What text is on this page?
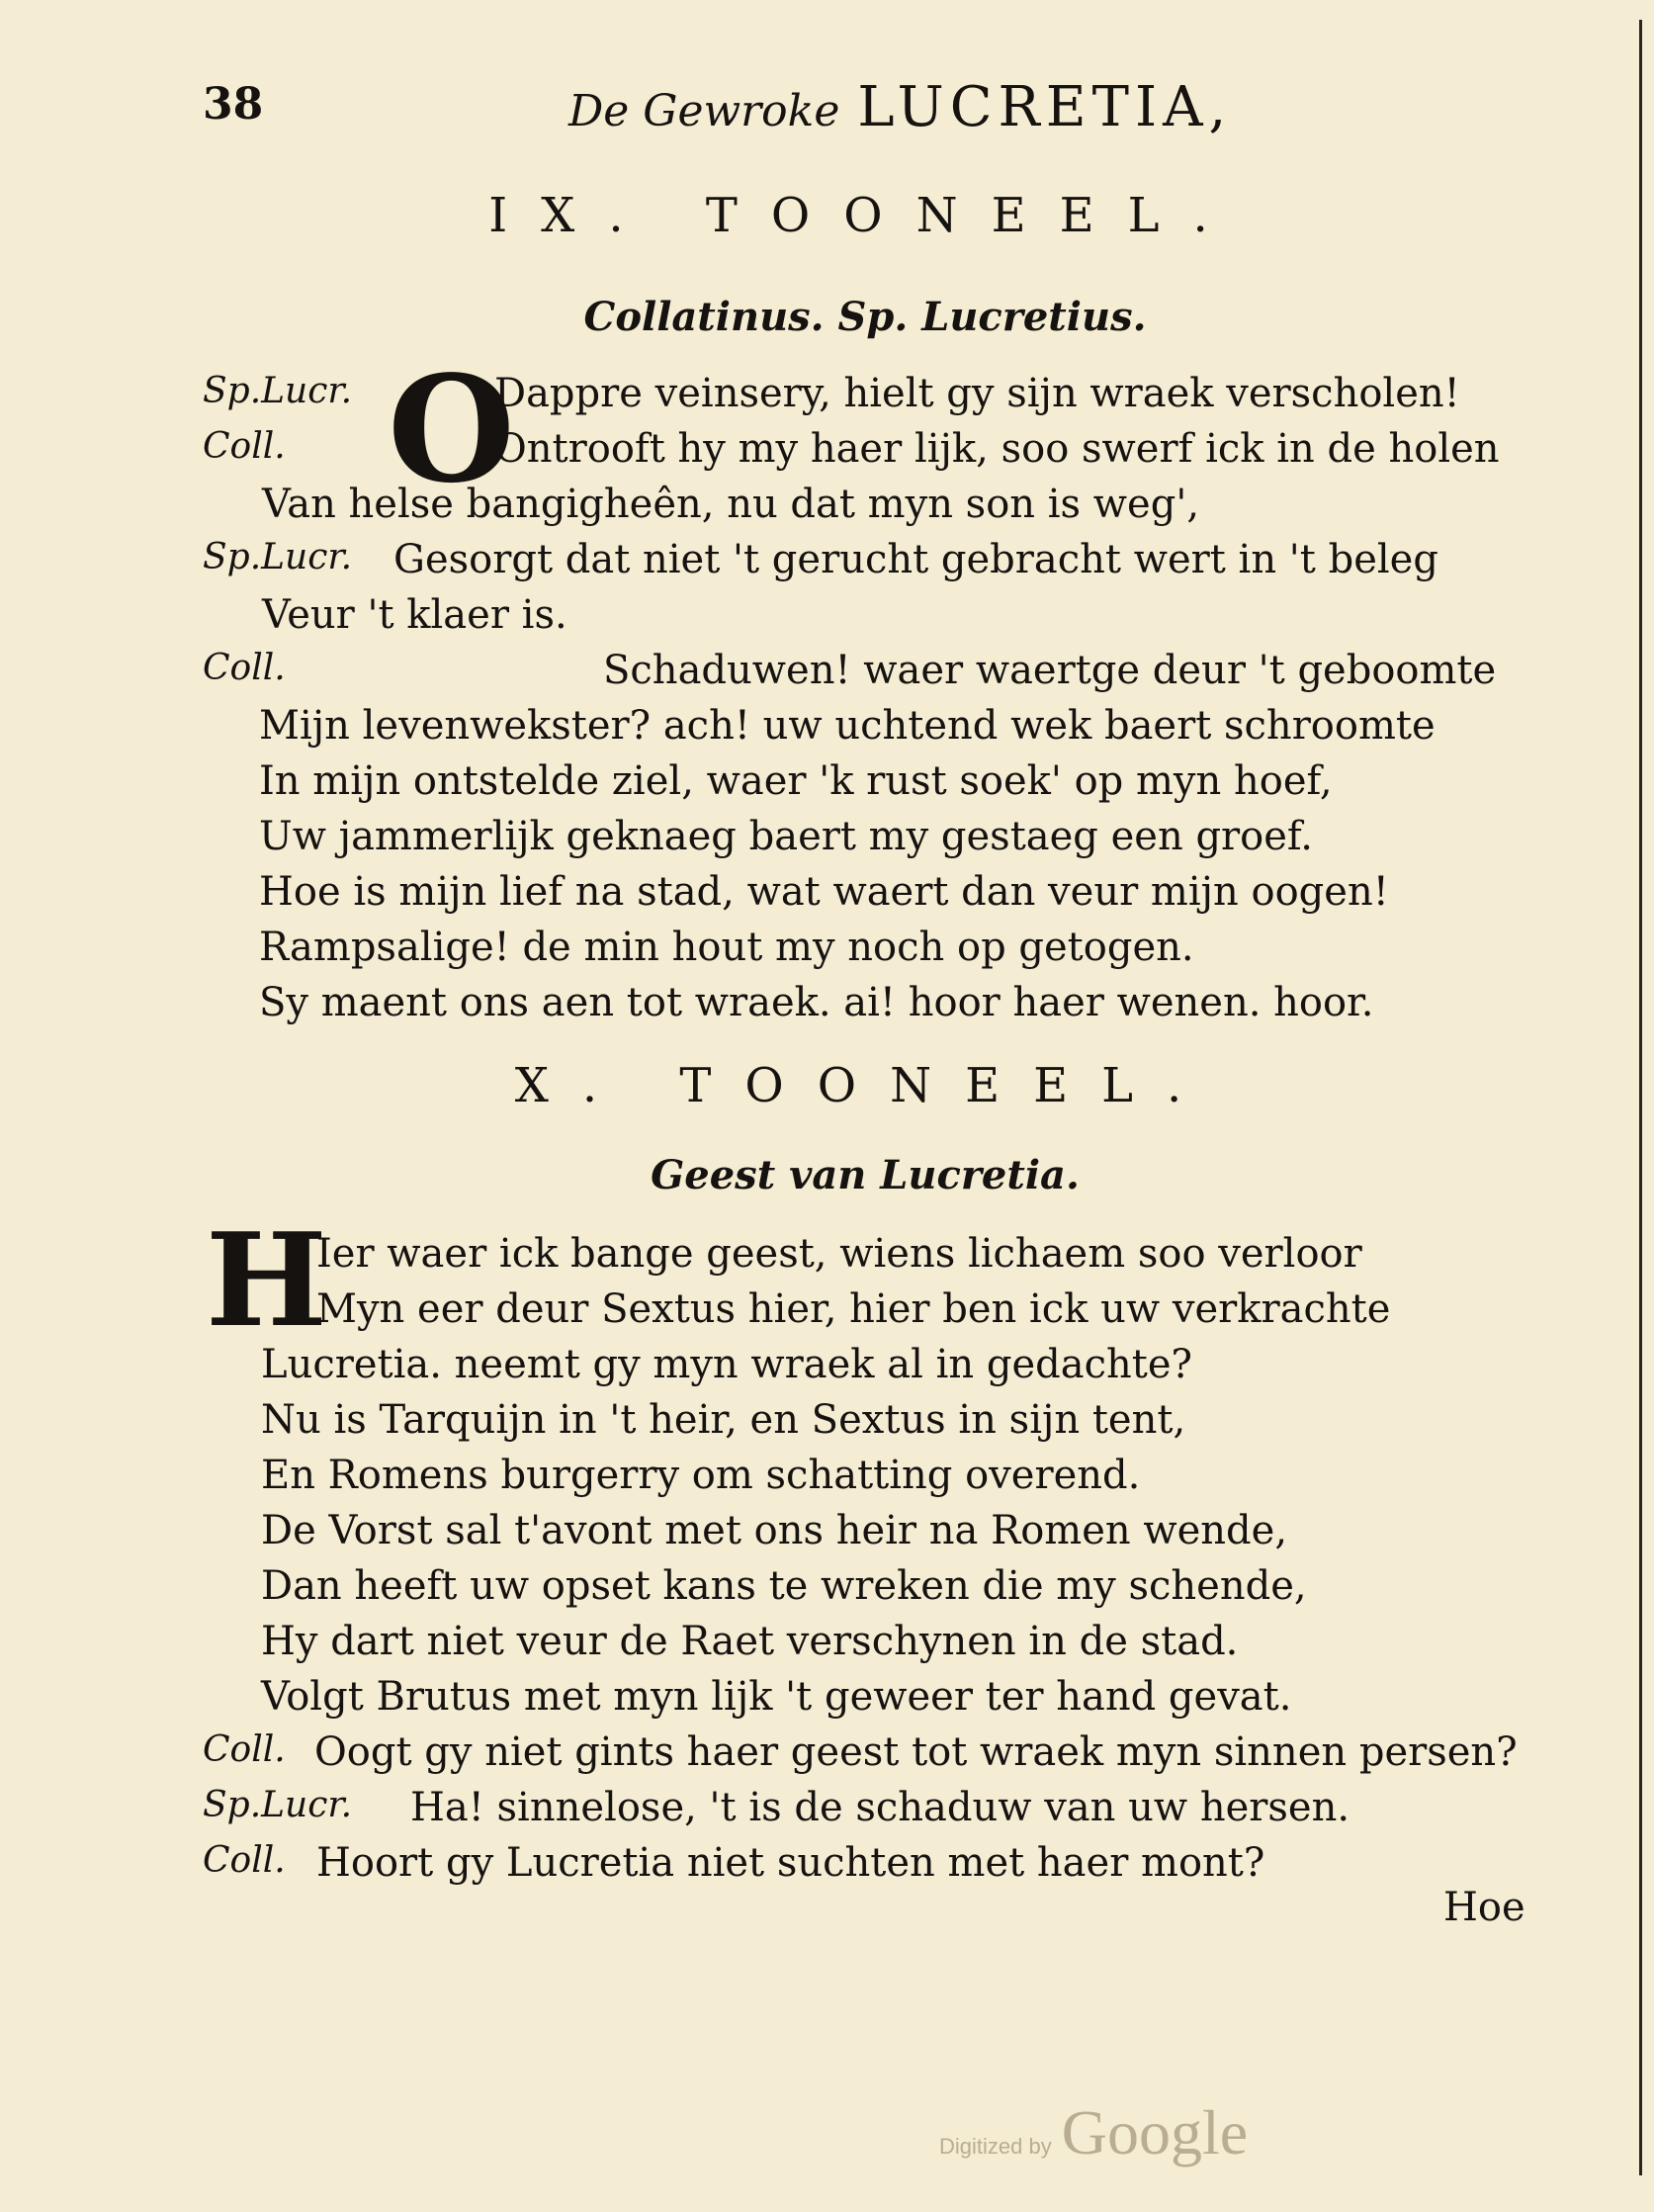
38	De Gewroke LUCRETIA,
IX. TOONEEL.
Collatinus. Sp. Lucretius.
O
Sp.Lucr.	Dappre veinsery, hielt gy sijn wraek verscholen!
Coll.	Ontrooft hy my haer lijk, soo swerf ick in de holen
Van helse bangigheên, nu dat myn son is weg',
Sp.Lucr. Gesorgt dat niet 't gerucht gebracht wert in 't beleg
Veur 't klaer is.
Coll.	Schaduwen! waer waertge deur 't geboomte
Mijn levenwekster? ach! uw uchtend wek baert schroomte
In mijn ontstelde ziel, waer 'k rust soek' op myn hoef,
Uw jammerlijk geknaeg baert my gestaeg een groef.
Hoe is mijn lief na stad, wat waert dan veur mijn oogen!
Rampsalige! de min hout my noch op getogen.
Sy maent ons aen tot wraek. ai! hoor haer wenen. hoor.
X. TOONEEL.
Geest van Lucretia.
H
Ier waer ick bange geest, wiens lichaem soo verloor
Myn eer deur Sextus hier, hier ben ick uw verkrachte
Lucretia. neemt gy myn wraek al in gedachte?
Nu is Tarquijn in 't heir, en Sextus in sijn tent,
En Romens burgerry om schatting overend.
De Vorst sal t'avont met ons heir na Romen wende,
Dan heeft uw opset kans te wreken die my schende,
Hy dart niet veur de Raet verschynen in de stad.
Volgt Brutus met myn lijk 't geweer ter hand gevat.
Coll. Oogt gy niet gints haer geest tot wraek myn sinnen persen?
Sp.Lucr. Ha! sinnelose, 't is de schaduw van uw hersen.
Coll. Hoort gy Lucretia niet suchten met haer mont?
Hoe
Digitized by Google
